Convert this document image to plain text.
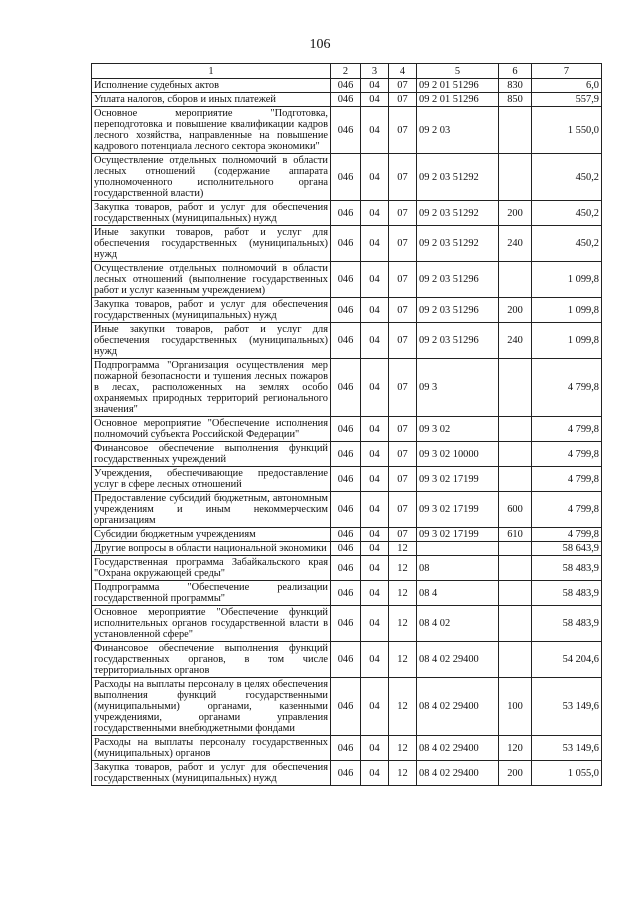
106
1	2	3	4	5	6	7
Исполнение судебных актов	046	04	07	09 2 01 51296	830	6,0
Уплата налогов, сборов и иных платежей	046	04	07	09 2 01 51296	850	557,9
Основное мероприятие "Подготовка, переподготовка и повышение квалификации кадров лесного хозяйства, направленные на повышение кадрового потенциала лесного сектора экономики"	046	04	07	09 2 03		1 550,0
Осуществление отдельных полномочий в области лесных отношений (содержание аппарата уполномоченного исполнительного органа государственной власти)	046	04	07	09 2 03 51292		450,2
Закупка товаров, работ и услуг для обеспечения государственных (муниципальных) нужд	046	04	07	09 2 03 51292	200	450,2
Иные закупки товаров, работ и услуг для обеспечения государственных (муниципальных) нужд	046	04	07	09 2 03 51292	240	450,2
Осуществление отдельных полномочий в области лесных отношений (выполнение государственных работ и услуг казенным учреждением)	046	04	07	09 2 03 51296		1 099,8
Закупка товаров, работ и услуг для обеспечения государственных (муниципальных) нужд	046	04	07	09 2 03 51296	200	1 099,8
Иные закупки товаров, работ и услуг для обеспечения государственных (муниципальных) нужд	046	04	07	09 2 03 51296	240	1 099,8
Подпрограмма "Организация осуществления мер пожарной безопасности и тушения лесных пожаров в лесах, расположенных на землях особо охраняемых природных территорий регионального значения"	046	04	07	09 3		4 799,8
Основное мероприятие "Обеспечение исполнения полномочий субъекта Российской Федерации"	046	04	07	09 3 02		4 799,8
Финансовое обеспечение выполнения функций государственных учреждений	046	04	07	09 3 02 10000		4 799,8
Учреждения, обеспечивающие предоставление услуг в сфере лесных отношений	046	04	07	09 3 02 17199		4 799,8
Предоставление субсидий бюджетным, автономным учреждениям и иным некоммерческим организациям	046	04	07	09 3 02 17199	600	4 799,8
Субсидии бюджетным учреждениям	046	04	07	09 3 02 17199	610	4 799,8
Другие вопросы в области национальной экономики	046	04	12			58 643,9
Государственная программа Забайкальского края "Охрана окружающей среды"	046	04	12	08		58 483,9
Подпрограмма "Обеспечение реализации государственной программы"	046	04	12	08 4		58 483,9
Основное мероприятие "Обеспечение функций исполнительных органов государственной власти в установленной сфере"	046	04	12	08 4 02		58 483,9
Финансовое обеспечение выполнения функций государственных органов, в том числе территориальных органов	046	04	12	08 4 02 29400		54 204,6
Расходы на выплаты персоналу в целях обеспечения выполнения функций государственными (муниципальными) органами, казенными учреждениями, органами управления государственными внебюджетными фондами	046	04	12	08 4 02 29400	100	53 149,6
Расходы на выплаты персоналу государственных (муниципальных) органов	046	04	12	08 4 02 29400	120	53 149,6
Закупка товаров, работ и услуг для обеспечения государственных (муниципальных) нужд	046	04	12	08 4 02 29400	200	1 055,0
